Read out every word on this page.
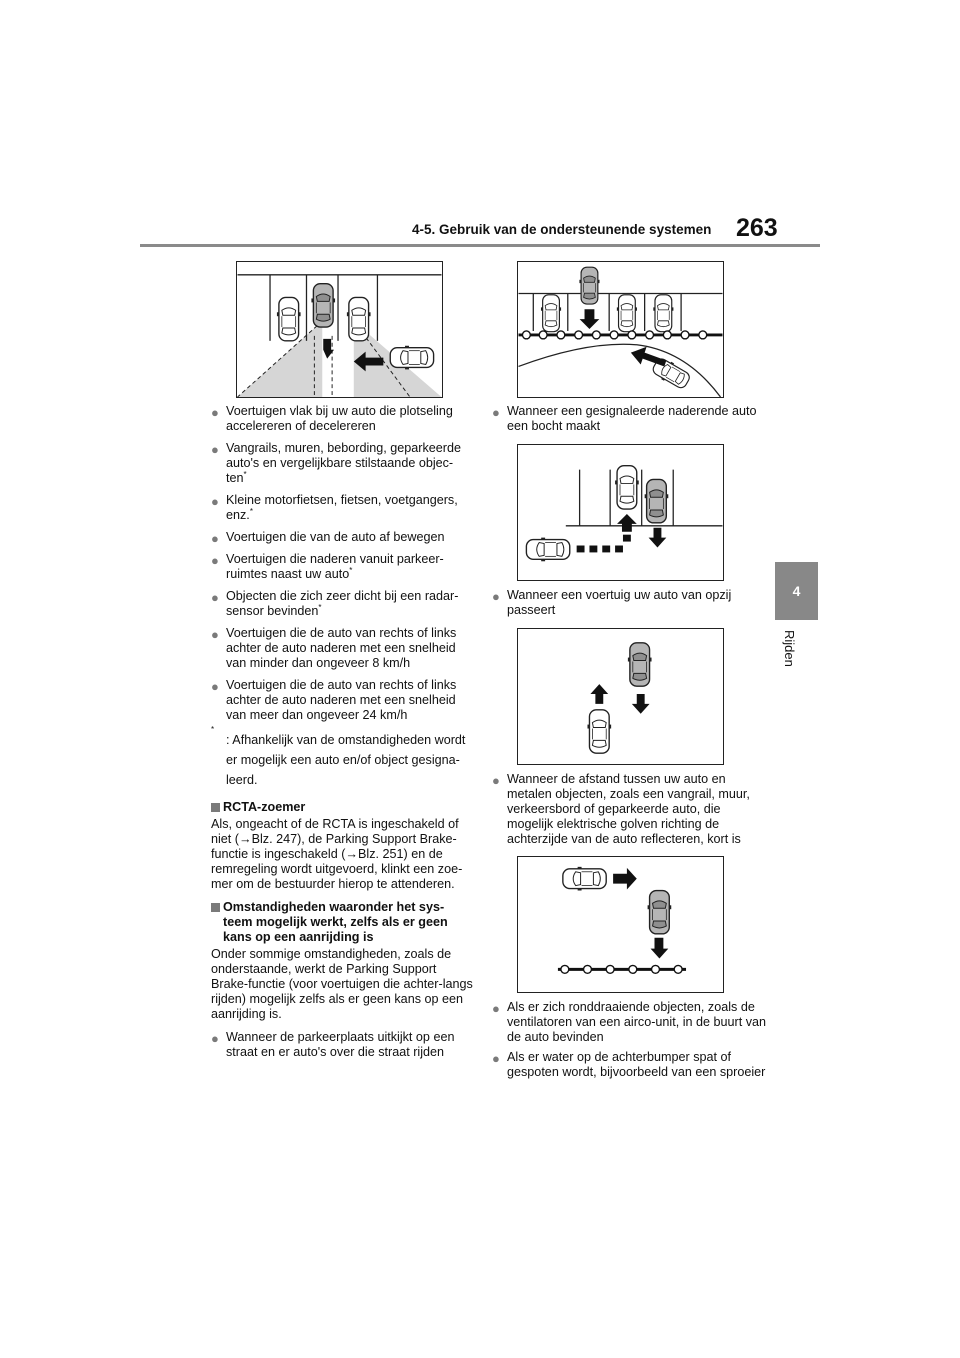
4-5. Gebruik van de ondersteunende systemen 263
4
Rijden
● Voertuigen vlak bij uw auto die plotseling accelereren of decelereren
● Vangrails, muren, bebording, geparkeerde auto's en vergelijkbare stilstaande objec-ten*
● Kleine motorfietsen, fietsen, voetgangers, enz.*
● Voertuigen die van de auto af bewegen
● Voertuigen die naderen vanuit parkeer-ruimtes naast uw auto*
● Objecten die zich zeer dicht bij een radar-sensor bevinden*
● Voertuigen die de auto van rechts of links achter de auto naderen met een snelheid van minder dan ongeveer 8 km/h
● Voertuigen die de auto van rechts of links achter de auto naderen met een snelheid van meer dan ongeveer 24 km/h
*
: Afhankelijk van de omstandigheden wordt er mogelijk een auto en/of object gesigna-leerd.
RCTA-zoemer
Als, ongeacht of de RCTA is ingeschakeld of niet (→Blz. 247), de Parking Support Brake-functie is ingeschakeld (→Blz. 251) en de remregeling wordt uitgevoerd, klinkt een zoe-mer om de bestuurder hierop te attenderen.
Omstandigheden waaronder het sys-teem mogelijk werkt, zelfs als er geen kans op een aanrijding is
Onder sommige omstandigheden, zoals de onderstaande, werkt de Parking Support Brake-functie (voor voertuigen die achter-langs rijden) mogelijk zelfs als er geen kans op een aanrijding is.
● Wanneer de parkeerplaats uitkijkt op een straat en er auto's over die straat rijden
● Wanneer een gesignaleerde naderende auto een bocht maakt
● Wanneer een voertuig uw auto van opzij passeert
● Wanneer de afstand tussen uw auto en metalen objecten, zoals een vangrail, muur, verkeersbord of geparkeerde auto, die mogelijk elektrische golven richting de achterzijde van de auto reflecteren, kort is
● Als er zich ronddraaiende objecten, zoals de ventilatoren van een airco-unit, in de buurt van de auto bevinden
● Als er water op de achterbumper spat of gespoten wordt, bijvoorbeeld van een sproeier
